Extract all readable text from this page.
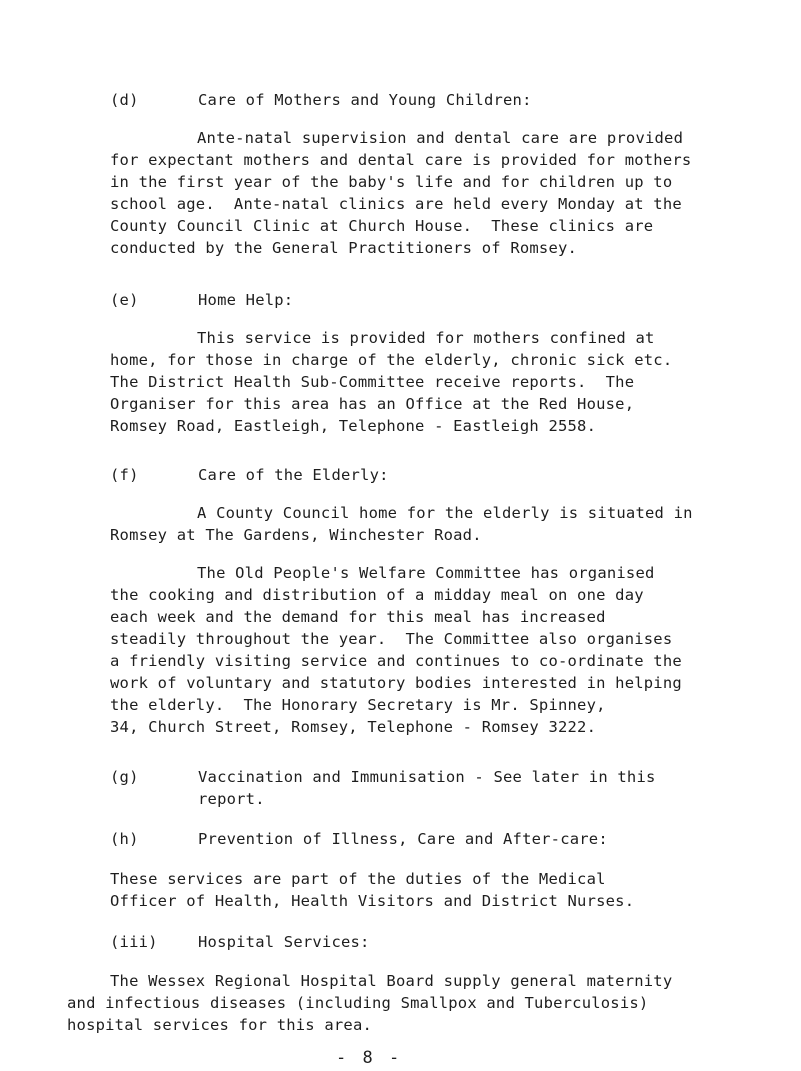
(d)	Care of Mothers and Young Children:
Ante-natal supervision and dental care are provided
for expectant mothers and dental care is provided for mothers
in the first year of the baby's life and for children up to
school age.  Ante-natal clinics are held every Monday at the
County Council Clinic at Church House.  These clinics are
conducted by the General Practitioners of Romsey.
(e)	Home Help:
This service is provided for mothers confined at
home, for those in charge of the elderly, chronic sick etc.
The District Health Sub-Committee receive reports.  The
Organiser for this area has an Office at the Red House,
Romsey Road, Eastleigh, Telephone - Eastleigh 2558.
(f)	Care of the Elderly:
A County Council home for the elderly is situated in
Romsey at The Gardens, Winchester Road.
The Old People's Welfare Committee has organised
the cooking and distribution of a midday meal on one day
each week and the demand for this meal has increased
steadily throughout the year.  The Committee also organises
a friendly visiting service and continues to co-ordinate the
work of voluntary and statutory bodies interested in helping
the elderly.  The Honorary Secretary is Mr. Spinney,
34, Church Street, Romsey, Telephone - Romsey 3222.
(g)	Vaccination and Immunisation - See later in this
report.
(h)	Prevention of Illness, Care and After-care:
These services are part of the duties of the Medical
Officer of Health, Health Visitors and District Nurses.
(iii)	Hospital Services:
The Wessex Regional Hospital Board supply general maternity
and infectious diseases (including Smallpox and Tuberculosis)
hospital services for this area.
- 8 -
